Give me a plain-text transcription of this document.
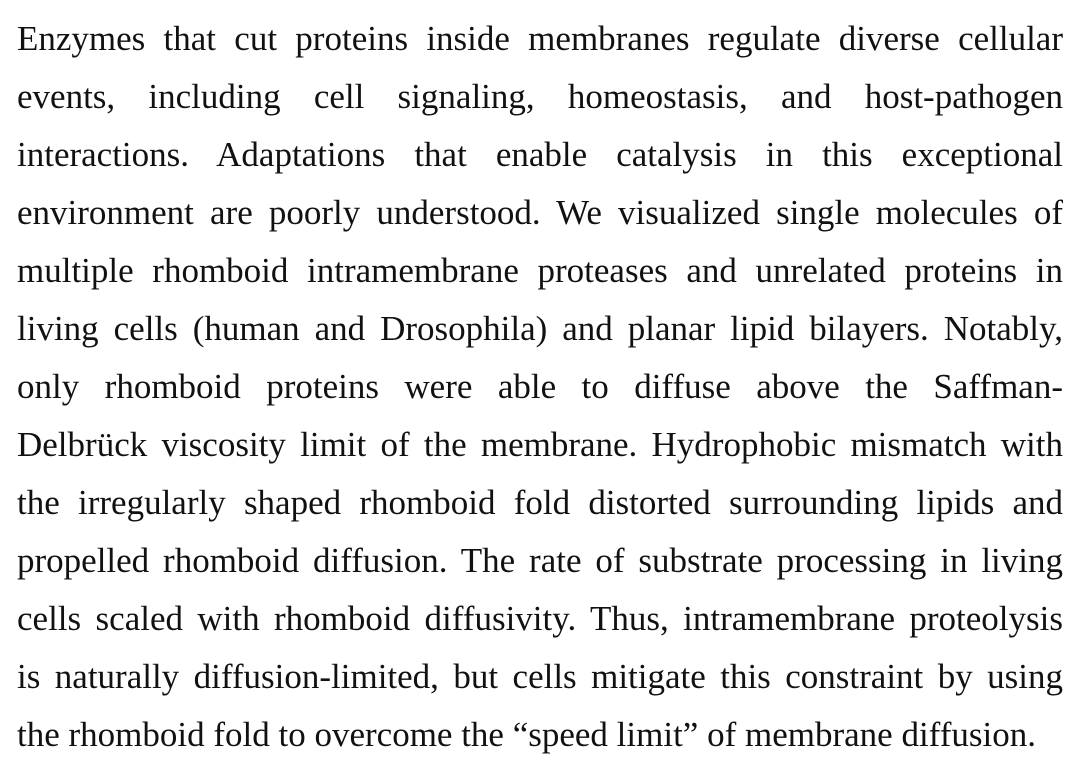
Enzymes that cut proteins inside membranes regulate diverse cellular
events, including cell signaling, homeostasis, and host-pathogen
interactions. Adaptations that enable catalysis in this exceptional
environment are poorly understood. We visualized single molecules of
multiple rhomboid intramembrane proteases and unrelated proteins in
living cells (human and Drosophila) and planar lipid bilayers. Notably,
only rhomboid proteins were able to diffuse above the Saffman-
Delbrück viscosity limit of the membrane. Hydrophobic mismatch with
the irregularly shaped rhomboid fold distorted surrounding lipids and
propelled rhomboid diffusion. The rate of substrate processing in living
cells scaled with rhomboid diffusivity. Thus, intramembrane proteolysis
is naturally diffusion-limited, but cells mitigate this constraint by using
the rhomboid fold to overcome the “speed limit” of membrane diffusion.
